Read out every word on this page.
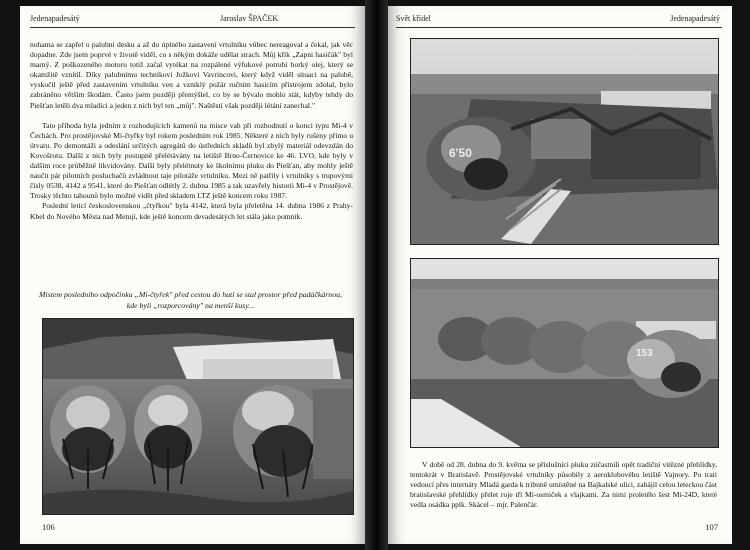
Jedenapadesátý	Jaroslav ŠPAČEK

nohama se zapřel o palubní desku a až do úplného zastavení vrtulníku vůbec nereagoval a čekal, jak věc dopadne. Zde jsem poprvé v životě viděl, co s někým dokáže udělat strach. Můj křik „Zapni hasičák" byl marný. Z poškozeného motoru totiž začal vytékat na rozpálené výfukové potrubí horký olej, který se okamžitě vznítil. Díky palubnímu technikovi Jožkovi Vavrincovi, který když viděl situaci na palubě, vyskočil ještě před zastavením vrtulníku ven a vzniklý požár ručním hasicím přístrojem zdolal, bylo zabráněno větším škodám. Často jsem později přemýšlel, co by se bývalo mohlo stát, kdyby tehdy do Piešťan letěli dva mladíci a jeden z nich byl ten „můj". Naštěstí však později létání zanechal."

Tato příhoda byla jedním z rozhodujících kamenů na misce vah při rozhodnutí o konci typu Mi-4 v Čechách. Pro prostějovské Mi-čtyřky byl rokem posledním rok 1985. Některé z nich byly rušeny přímo u útvaru. Po demontáži a odeslání určitých agregátů do ústředních skladů byl zbylý materiál odevzdán do Kovošrotu. Další z nich byly postupně přelétávány na letiště Brno-Černovice ke 46. LVO, kde byly v dalším roce průběžně likvidovány. Další byly přelétnuty ke školnímu pluku do Piešťan, aby mohly ještě naučit pár pilotních posluchačů zvládnout taje pilotáže vrtulníku. Mezi ně patřily i vrtulníky s trupovými čísly 0538, 4142 a 9541, které do Piešťan odlétly 2. dubna 1985 a tak uzavřely historii Mi-4 v Prostějově. Trosky těchto tahounů bylo možné vidět před skladem LTZ ještě koncem roku 1987.

Poslední letící československou „čtyřkou" byla 4142, která byla přeletěna 14. dubna 1986 z Prahy-Kbel do Nového Města nad Metují, kde ještě koncem devadesátých let stála jako pomník.

Mistem posledního odpočinku „Mi-čtyřek" před cestou do hutí se stal prostor před padáčkárnou, kde byli „rozporcovány" na menší kusy...
106
Svět křídel	Jedenapadesátý
6'50
153

V době od 28. dubna do 9. května se příslušníci pluku zúčastnili opět tradiční vítězné přehlídky, tentokrát v Bratislavě. Prostějovské vrtulníky působily z aeroklubového letiště Vajnory. Po trati vedoucí přes internáty Mladá garda k tribuně umístěné na Bajkalské ulici, zahájil celou leteckou část bratislavské přehlídky přelet roje tří Mi-osmiček s vlajkami. Za nimi proletělo šest Mi-24D, které vedla osádka pplk. Skácel – mjr. Palenčár.

107
